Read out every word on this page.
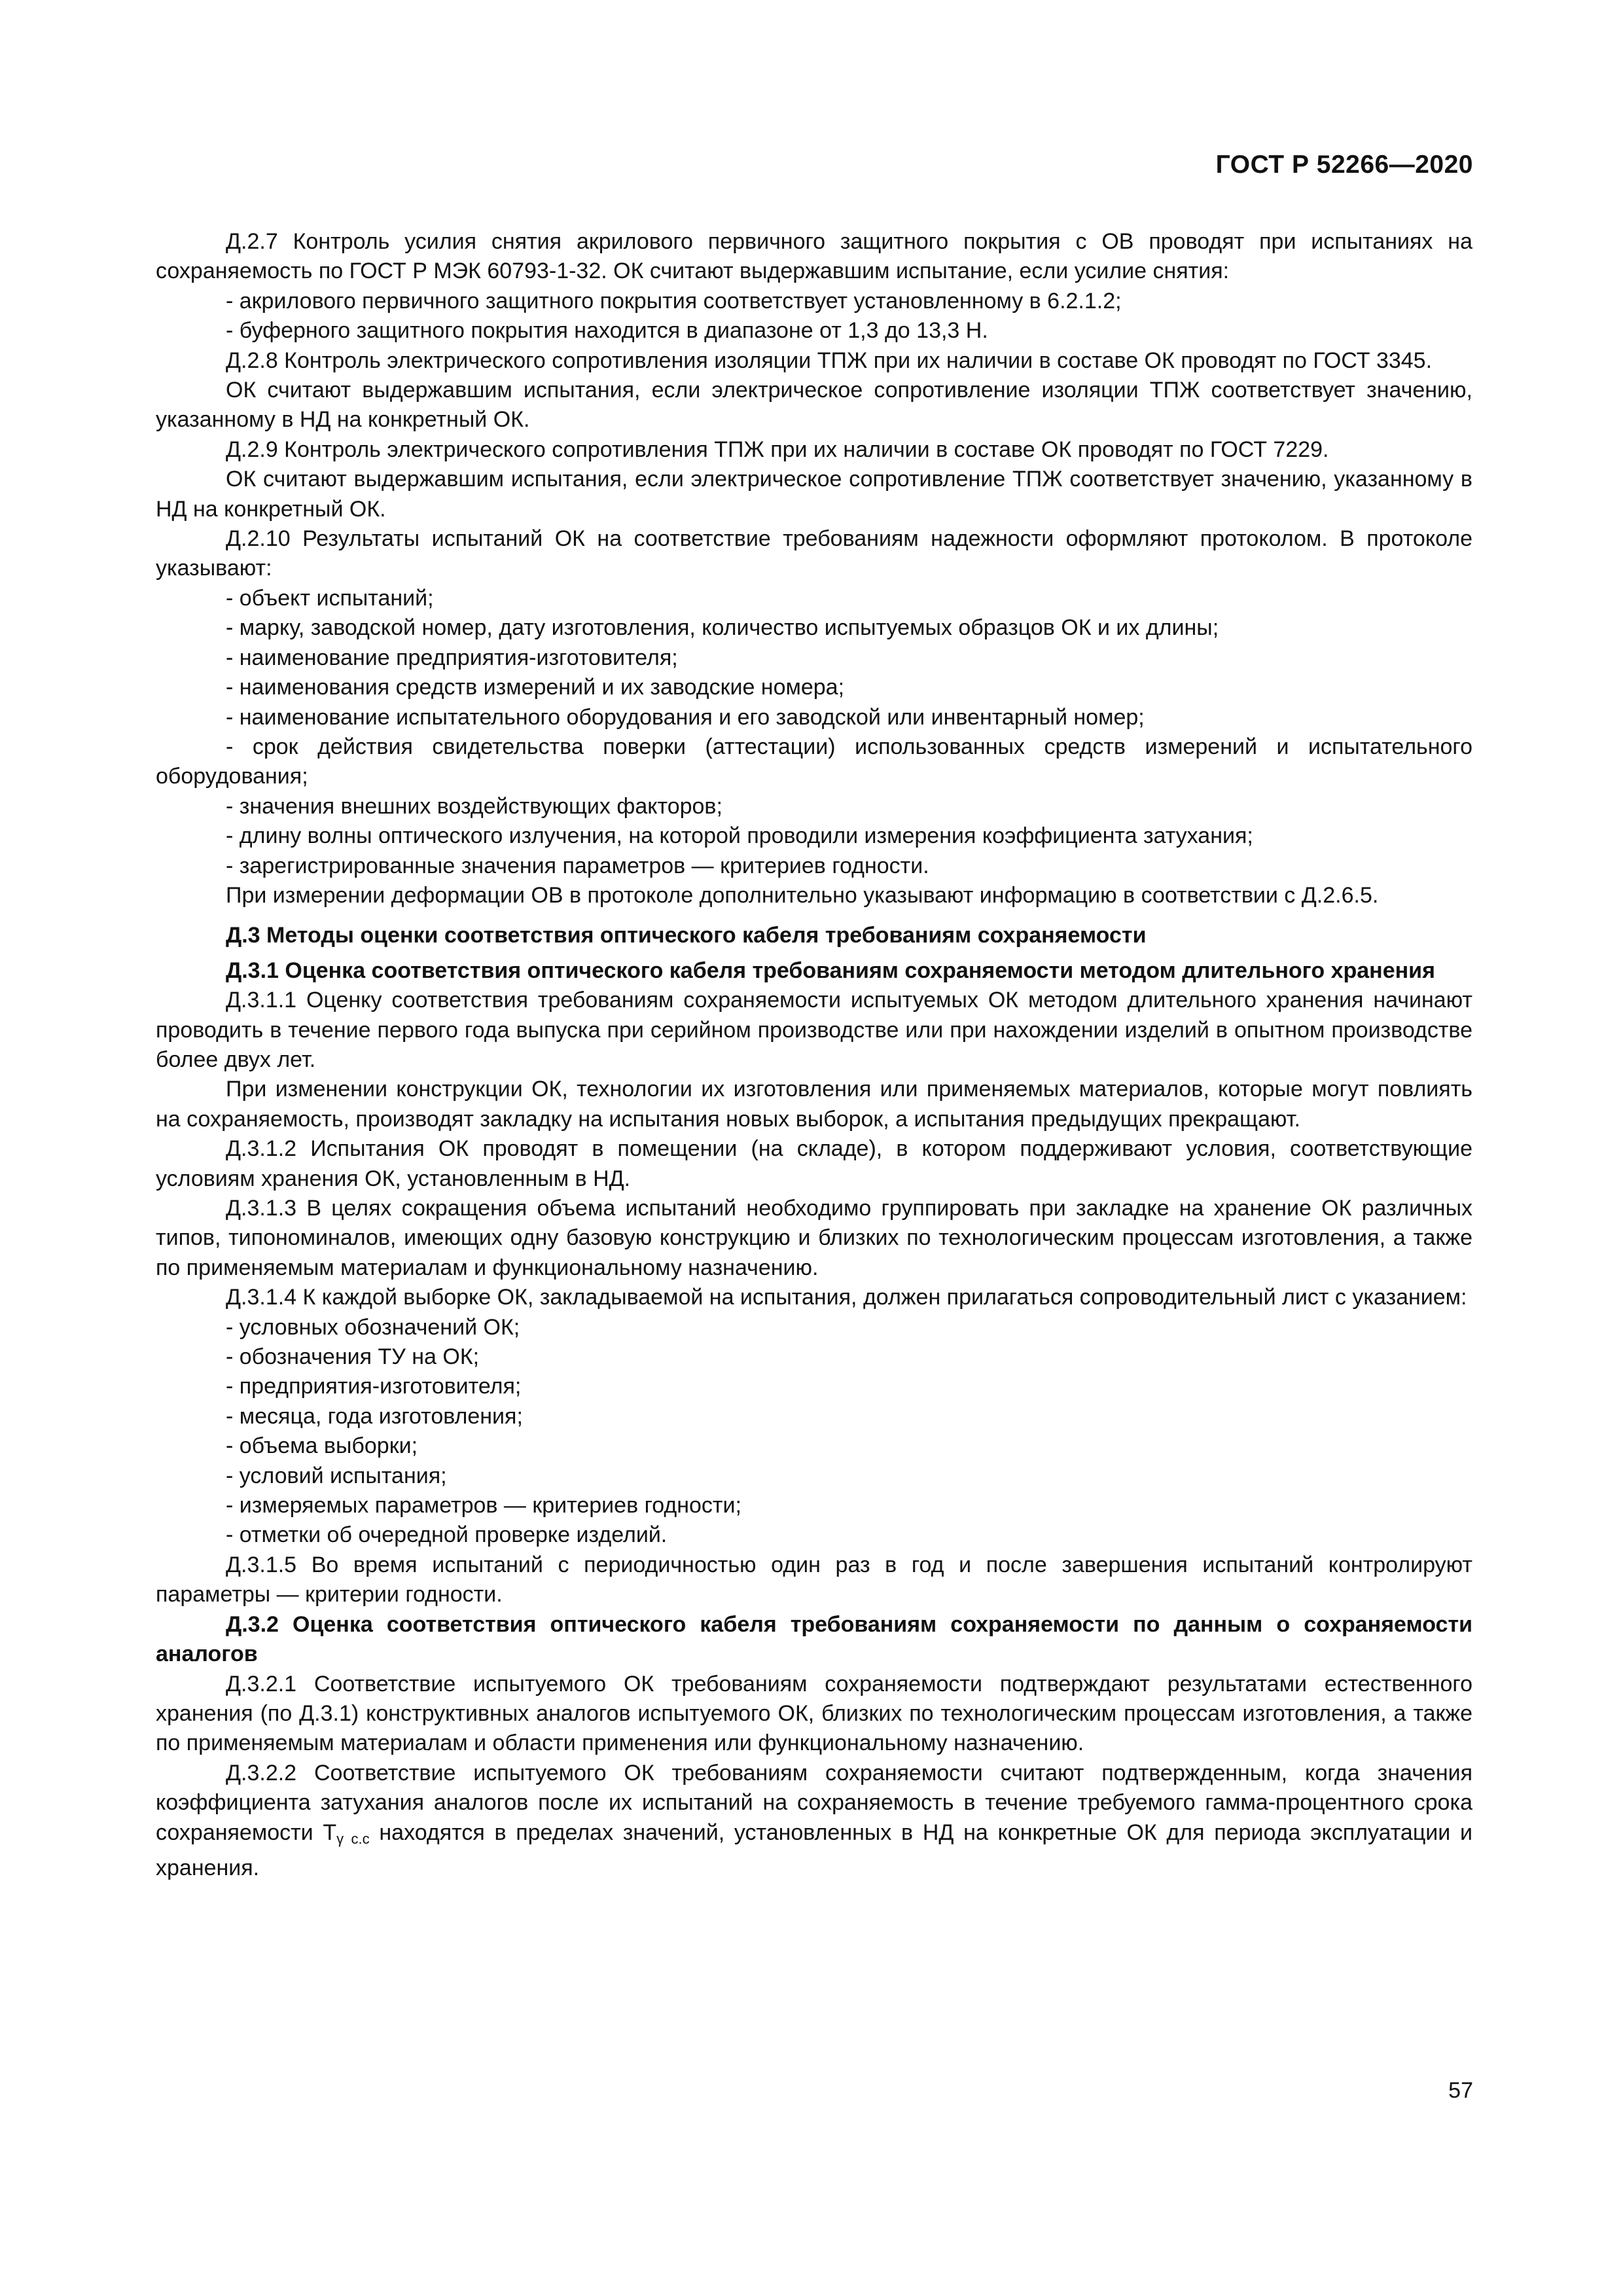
ГОСТ Р 52266—2020

Д.2.7 Контроль усилия снятия акрилового первичного защитного покрытия с ОВ проводят при испытаниях на сохраняемость по ГОСТ Р МЭК 60793-1-32. ОК считают выдержавшим испытание, если усилие снятия:

- акрилового первичного защитного покрытия соответствует установленному в 6.2.1.2;

- буферного защитного покрытия находится в диапазоне от 1,3 до 13,3 Н.

Д.2.8 Контроль электрического сопротивления изоляции ТПЖ при их наличии в составе ОК проводят по ГОСТ 3345.

ОК считают выдержавшим испытания, если электрическое сопротивление изоляции ТПЖ соответствует значению, указанному в НД на конкретный ОК.

Д.2.9 Контроль электрического сопротивления ТПЖ при их наличии в составе ОК проводят по ГОСТ 7229.

ОК считают выдержавшим испытания, если электрическое сопротивление ТПЖ соответствует значению, указанному в НД на конкретный ОК.

Д.2.10 Результаты испытаний ОК на соответствие требованиям надежности оформляют протоколом. В протоколе указывают:

- объект испытаний;

- марку, заводской номер, дату изготовления, количество испытуемых образцов ОК и их длины;

- наименование предприятия-изготовителя;

- наименования средств измерений и их заводские номера;

- наименование испытательного оборудования и его заводской или инвентарный номер;

- срок действия свидетельства поверки (аттестации) использованных средств измерений и испытательного оборудования;

- значения внешних воздействующих факторов;

- длину волны оптического излучения, на которой проводили измерения коэффициента затухания;

- зарегистрированные значения параметров — критериев годности.

При измерении деформации ОВ в протоколе дополнительно указывают информацию в соответствии с Д.2.6.5.

Д.3 Методы оценки соответствия оптического кабеля требованиям сохраняемости

Д.3.1 Оценка соответствия оптического кабеля требованиям сохраняемости методом длительного хранения

Д.3.1.1 Оценку соответствия требованиям сохраняемости испытуемых ОК методом длительного хранения начинают проводить в течение первого года выпуска при серийном производстве или при нахождении изделий в опытном производстве более двух лет.

При изменении конструкции ОК, технологии их изготовления или применяемых материалов, которые могут повлиять на сохраняемость, производят закладку на испытания новых выборок, а испытания предыдущих прекращают.

Д.3.1.2 Испытания ОК проводят в помещении (на складе), в котором поддерживают условия, соответствующие условиям хранения ОК, установленным в НД.

Д.3.1.3 В целях сокращения объема испытаний необходимо группировать при закладке на хранение ОК различных типов, типономиналов, имеющих одну базовую конструкцию и близких по технологическим процессам изготовления, а также по применяемым материалам и функциональному назначению.

Д.3.1.4 К каждой выборке ОК, закладываемой на испытания, должен прилагаться сопроводительный лист с указанием:

- условных обозначений ОК;

- обозначения ТУ на ОК;

- предприятия-изготовителя;

- месяца, года изготовления;

- объема выборки;

- условий испытания;

- измеряемых параметров — критериев годности;

- отметки об очередной проверке изделий.

Д.3.1.5 Во время испытаний с периодичностью один раз в год и после завершения испытаний контролируют параметры — критерии годности.

Д.3.2 Оценка соответствия оптического кабеля требованиям сохраняемости по данным о сохраняемости аналогов

Д.3.2.1 Соответствие испытуемого ОК требованиям сохраняемости подтверждают результатами естественного хранения (по Д.3.1) конструктивных аналогов испытуемого ОК, близких по технологическим процессам изготовления, а также по применяемым материалам и области применения или функциональному назначению.

Д.3.2.2 Соответствие испытуемого ОК требованиям сохраняемости считают подтвержденным, когда значения коэффициента затухания аналогов после их испытаний на сохраняемость в течение требуемого гамма-процентного срока сохраняемости $Т_{\gamma с.с}$ находятся в пределах значений, установленных в НД на конкретные ОК для периода эксплуатации и хранения.

57
